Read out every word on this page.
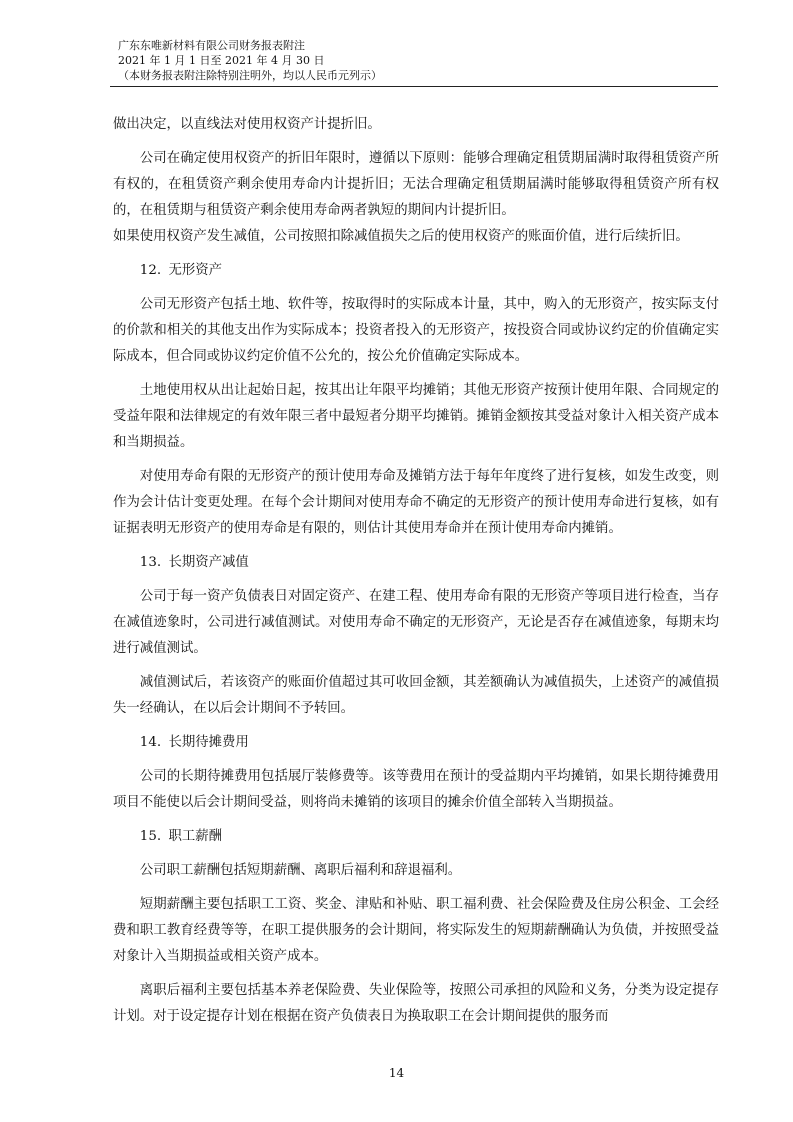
广东东唯新材料有限公司财务报表附注
2021 年 1 月 1 日至 2021 年 4 月 30 日
（本财务报表附注除特别注明外，均以人民币元列示）

做出决定，以直线法对使用权资产计提折旧。

公司在确定使用权资产的折旧年限时，遵循以下原则：能够合理确定租赁期届满时取得租赁资产所有权的，在租赁资产剩余使用寿命内计提折旧；无法合理确定租赁期届满时能够取得租赁资产所有权的，在租赁期与租赁资产剩余使用寿命两者孰短的期间内计提折旧。

如果使用权资产发生减值，公司按照扣除减值损失之后的使用权资产的账面价值，进行后续折旧。

12. 无形资产

公司无形资产包括土地、软件等，按取得时的实际成本计量，其中，购入的无形资产，按实际支付的价款和相关的其他支出作为实际成本；投资者投入的无形资产，按投资合同或协议约定的价值确定实际成本，但合同或协议约定价值不公允的，按公允价值确定实际成本。

土地使用权从出让起始日起，按其出让年限平均摊销；其他无形资产按预计使用年限、合同规定的受益年限和法律规定的有效年限三者中最短者分期平均摊销。摊销金额按其受益对象计入相关资产成本和当期损益。

对使用寿命有限的无形资产的预计使用寿命及摊销方法于每年年度终了进行复核，如发生改变，则作为会计估计变更处理。在每个会计期间对使用寿命不确定的无形资产的预计使用寿命进行复核，如有证据表明无形资产的使用寿命是有限的，则估计其使用寿命并在预计使用寿命内摊销。

13. 长期资产减值

公司于每一资产负债表日对固定资产、在建工程、使用寿命有限的无形资产等项目进行检查，当存在减值迹象时，公司进行减值测试。对使用寿命不确定的无形资产，无论是否存在减值迹象，每期末均进行减值测试。

减值测试后，若该资产的账面价值超过其可收回金额，其差额确认为减值损失，上述资产的减值损失一经确认，在以后会计期间不予转回。

14. 长期待摊费用

公司的长期待摊费用包括展厅装修费等。该等费用在预计的受益期内平均摊销，如果长期待摊费用项目不能使以后会计期间受益，则将尚未摊销的该项目的摊余价值全部转入当期损益。

15. 职工薪酬

公司职工薪酬包括短期薪酬、离职后福利和辞退福利。

短期薪酬主要包括职工工资、奖金、津贴和补贴、职工福利费、社会保险费及住房公积金、工会经费和职工教育经费等等，在职工提供服务的会计期间，将实际发生的短期薪酬确认为负债，并按照受益对象计入当期损益或相关资产成本。

离职后福利主要包括基本养老保险费、失业保险等，按照公司承担的风险和义务，分类为设定提存计划。对于设定提存计划在根据在资产负债表日为换取职工在会计期间提供的服务而

14
